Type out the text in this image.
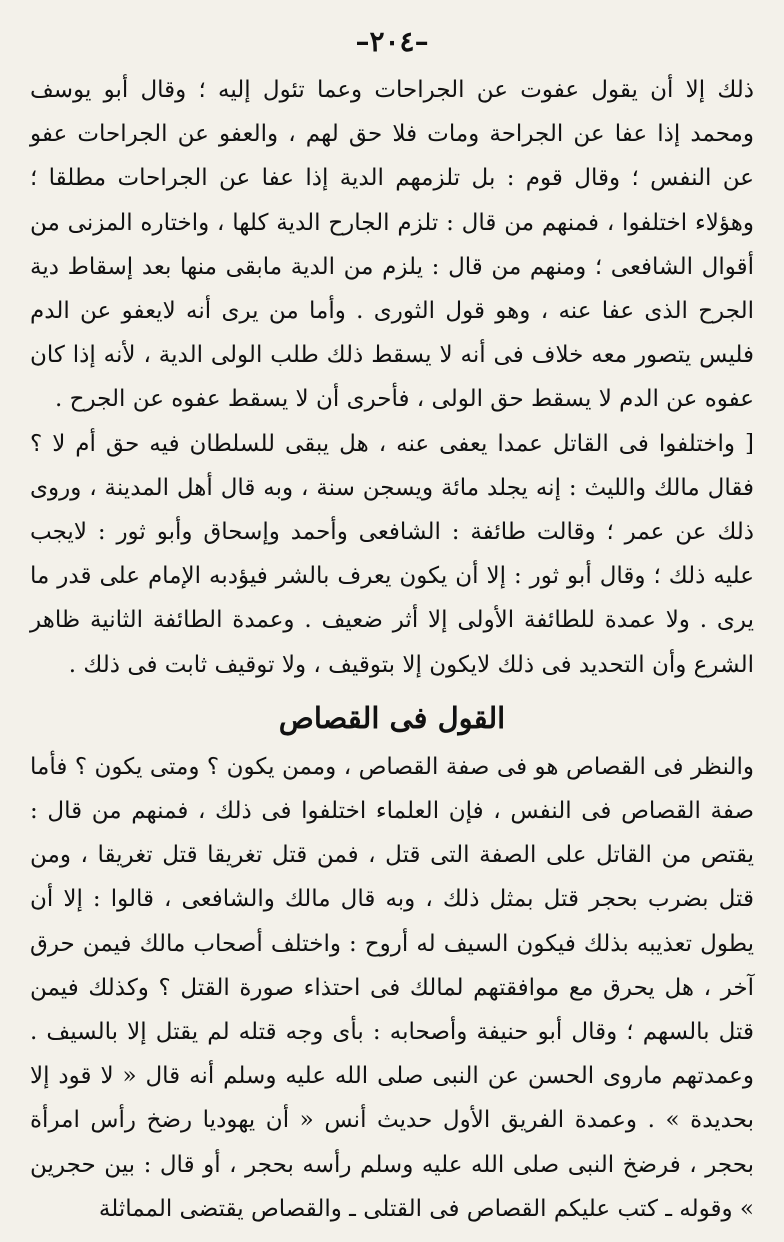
–٢٠٤–

ذلك إلا أن يقول عفوت عن الجراحات وعما تئول إليه ؛ وقال أبو يوسف ومحمد إذا عفا عن الجراحة ومات فلا حق لهم ، والعفو عن الجراحات عفو عن النفس ؛ وقال قوم : بل تلزمهم الدية إذا عفا عن الجراحات مطلقا ؛ وهؤلاء اختلفوا ، فمنهم من قال : تلزم الجارح الدية كلها ، واختاره المزنى من أقوال الشافعى ؛ ومنهم من قال : يلزم من الدية مابقى منها بعد إسقاط دية الجرح الذى عفا عنه ، وهو قول الثورى . وأما من يرى أنه لايعفو عن الدم فليس يتصور معه خلاف فى أنه لا يسقط ذلك طلب الولى الدية ، لأنه إذا كان عفوه عن الدم لا يسقط حق الولى ، فأحرى أن لا يسقط عفوه عن الجرح .

[ واختلفوا فى القاتل عمدا يعفى عنه ، هل يبقى للسلطان فيه حق أم لا ؟ فقال مالك والليث : إنه يجلد مائة ويسجن سنة ، وبه قال أهل المدينة ، وروى ذلك عن عمر ؛ وقالت طائفة : الشافعى وأحمد وإسحاق وأبو ثور : لايجب عليه ذلك ؛ وقال أبو ثور : إلا أن يكون يعرف بالشر فيؤدبه الإمام على قدر ما يرى . ولا عمدة للطائفة الأولى إلا أثر ضعيف . وعمدة الطائفة الثانية ظاهر الشرع وأن التحديد فى ذلك لايكون إلا بتوقيف ، ولا توقيف ثابت فى ذلك .

القول فى القصاص

والنظر فى القصاص هو فى صفة القصاص ، وممن يكون ؟ ومتى يكون ؟ فأما صفة القصاص فى النفس ، فإن العلماء اختلفوا فى ذلك ، فمنهم من قال : يقتص من القاتل على الصفة التى قتل ، فمن قتل تغريقا قتل تغريقا ، ومن قتل بضرب بحجر قتل بمثل ذلك ، وبه قال مالك والشافعى ، قالوا : إلا أن يطول تعذيبه بذلك فيكون السيف له أروح : واختلف أصحاب مالك فيمن حرق آخر ، هل يحرق مع موافقتهم لمالك فى احتذاء صورة القتل ؟ وكذلك فيمن قتل بالسهم ؛ وقال أبو حنيفة وأصحابه : بأى وجه قتله لم يقتل إلا بالسيف . وعمدتهم ماروى الحسن عن النبى صلى الله عليه وسلم أنه قال « لا قود إلا بحديدة » . وعمدة الفريق الأول حديث أنس « أن يهوديا رضخ رأس امرأة بحجر ، فرضخ النبى صلى الله عليه وسلم رأسه بحجر ، أو قال : بين حجرين » وقوله ـ كتب عليكم القصاص فى القتلى ـ والقصاص يقتضى المماثلة
